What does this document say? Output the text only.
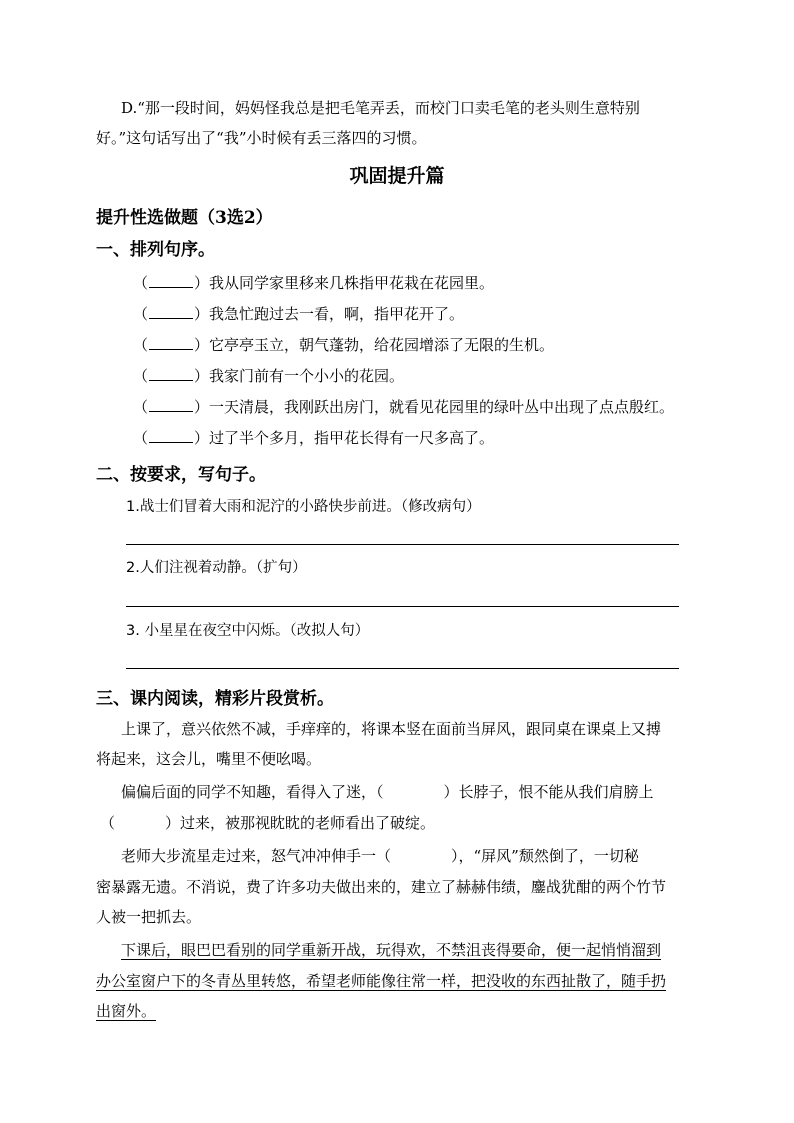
D.“那一段时间，妈妈怪我总是把毛笔弄丢，而校门口卖毛笔的老头则生意特别
好。”这句话写出了“我”小时候有丢三落四的习惯。
巩固提升篇
提升性选做题（3选2）
一、排列句序。
（	）我从同学家里移来几株指甲花栽在花园里。
（	）我急忙跑过去一看，啊，指甲花开了。
（	）它亭亭玉立，朝气蓬勃，给花园增添了无限的生机。
（	）我家门前有一个小小的花园。
（	）一天清晨，我刚跃出房门，就看见花园里的绿叶丛中出现了点点殷红。
（	）过了半个多月，指甲花长得有一尺多高了。
二、按要求，写句子。
1.战士们冒着大雨和泥泞的小路快步前进。（修改病句）
2.人们注视着动静。（扩句）
3. 小星星在夜空中闪烁。（改拟人句）
三、课内阅读，精彩片段赏析。
上课了，意兴依然不减，手痒痒的，将课本竖在面前当屏风，跟同桌在课桌上又搏
将起来，这会儿，嘴里不便吆喝。
偏偏后面的同学不知趣，看得入了迷，（	）长脖子，恨不能从我们肩膀上
（	）过来，被那视眈眈的老师看出了破绽。
老师大步流星走过来，怒气冲冲伸手一（	），“屏风”颓然倒了，一切秘
密暴露无遗。不消说，费了许多功夫做出来的，建立了赫赫伟绩，鏖战犹酣的两个竹节
人被一把抓去。
下课后，眼巴巴看别的同学重新开战，玩得欢，不禁沮丧得要命，便一起悄悄溜到
办公室窗户下的冬青丛里转悠，希望老师能像往常一样，把没收的东西扯散了，随手扔
出窗外。
